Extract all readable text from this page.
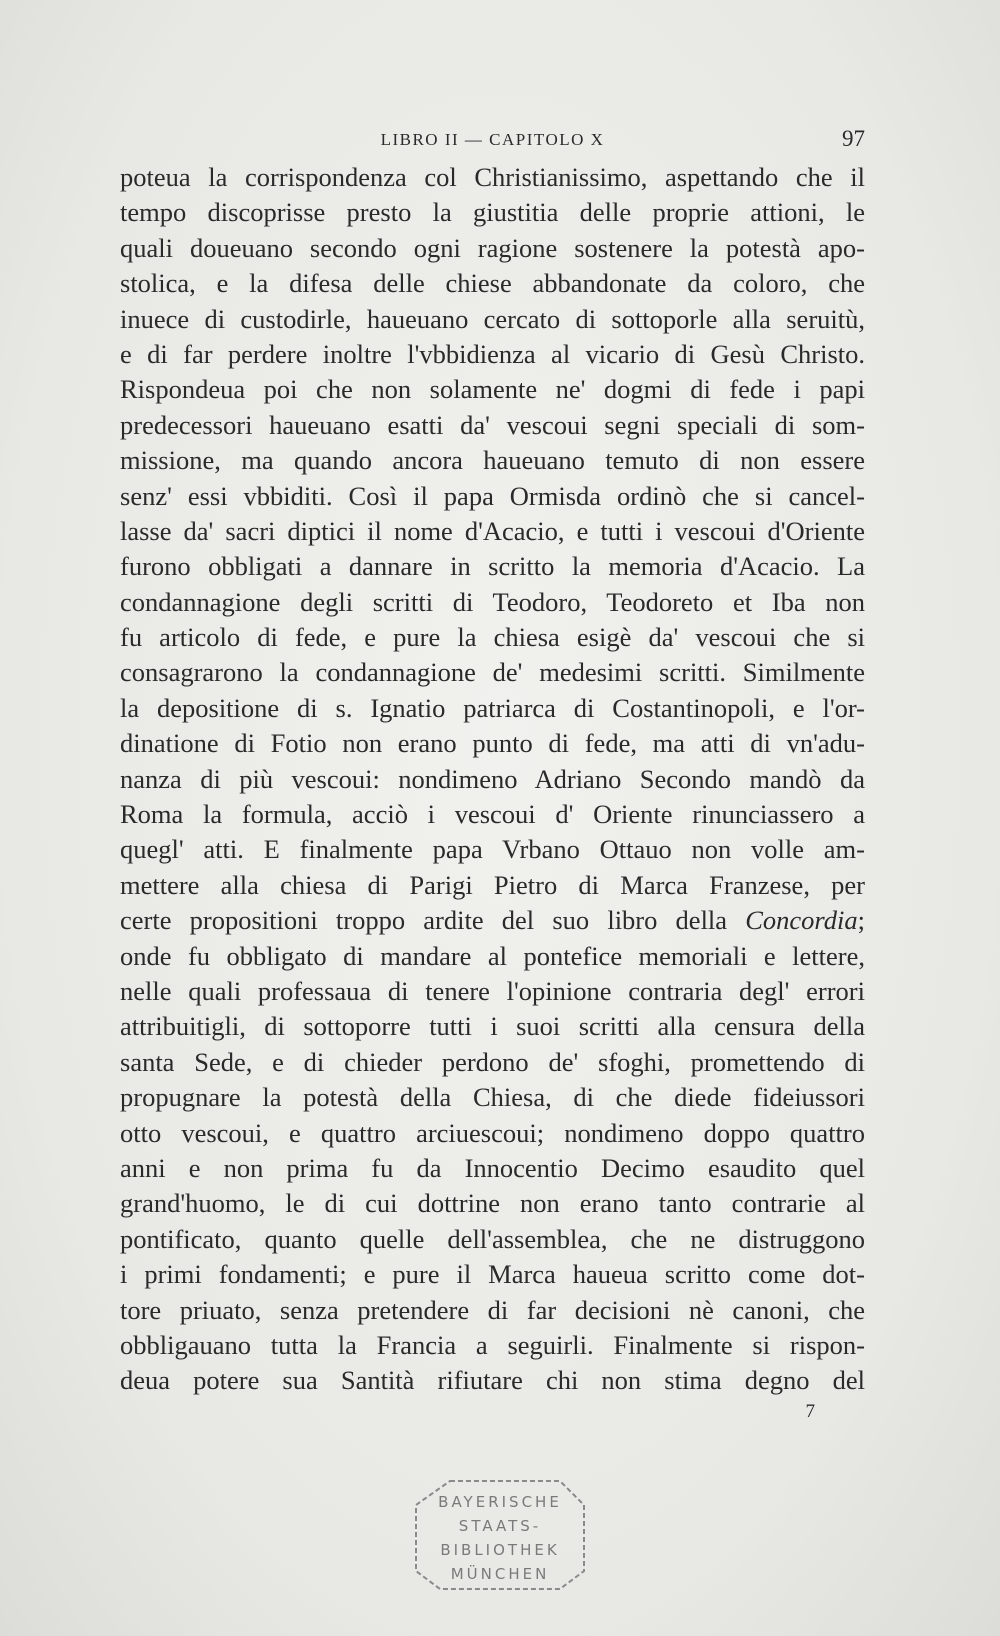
LIBRO II — CAPITOLO X	97
poteua la corrispondenza col Christianissimo, aspettando che il
tempo discoprisse presto la giustitia delle proprie attioni, le
quali doueuano secondo ogni ragione sostenere la potestà apo-
stolica, e la difesa delle chiese abbandonate da coloro, che
inuece di custodirle, haueuano cercato di sottoporle alla seruitù,
e di far perdere inoltre l'vbbidienza al vicario di Gesù Christo.
Rispondeua poi che non solamente ne' dogmi di fede i papi
predecessori haueuano esatti da' vescoui segni speciali di som-
missione, ma quando ancora haueuano temuto di non essere
senz' essi vbbiditi. Così il papa Ormisda ordinò che si cancel-
lasse da' sacri diptici il nome d'Acacio, e tutti i vescoui d'Oriente
furono obbligati a dannare in scritto la memoria d'Acacio. La
condannagione degli scritti di Teodoro, Teodoreto et Iba non
fu articolo di fede, e pure la chiesa esigè da' vescoui che si
consagrarono la condannagione de' medesimi scritti. Similmente
la depositione di s. Ignatio patriarca di Costantinopoli, e l'or-
dinatione di Fotio non erano punto di fede, ma atti di vn'adu-
nanza di più vescoui: nondimeno Adriano Secondo mandò da
Roma la formula, acciò i vescoui d' Oriente rinunciassero a
quegl' atti. E finalmente papa Vrbano Ottauo non volle am-
mettere alla chiesa di Parigi Pietro di Marca Franzese, per
certe propositioni troppo ardite del suo libro della Concordia;
onde fu obbligato di mandare al pontefice memoriali e lettere,
nelle quali professaua di tenere l'opinione contraria degl' errori
attribuitigli, di sottoporre tutti i suoi scritti alla censura della
santa Sede, e di chieder perdono de' sfoghi, promettendo di
propugnare la potestà della Chiesa, di che diede fideiussori
otto vescoui, e quattro arciuescoui; nondimeno doppo quattro
anni e non prima fu da Innocentio Decimo esaudito quel
grand'huomo, le di cui dottrine non erano tanto contrarie al
pontificato, quanto quelle dell'assemblea, che ne distruggono
i primi fondamenti; e pure il Marca haueua scritto come dot-
tore priuato, senza pretendere di far decisioni nè canoni, che
obbligauano tutta la Francia a seguirli. Finalmente si rispon-
deua potere sua Santità rifiutare chi non stima degno del
7
BAYERISCHE
STAATS-
BIBLIOTHEK
MÜNCHEN
